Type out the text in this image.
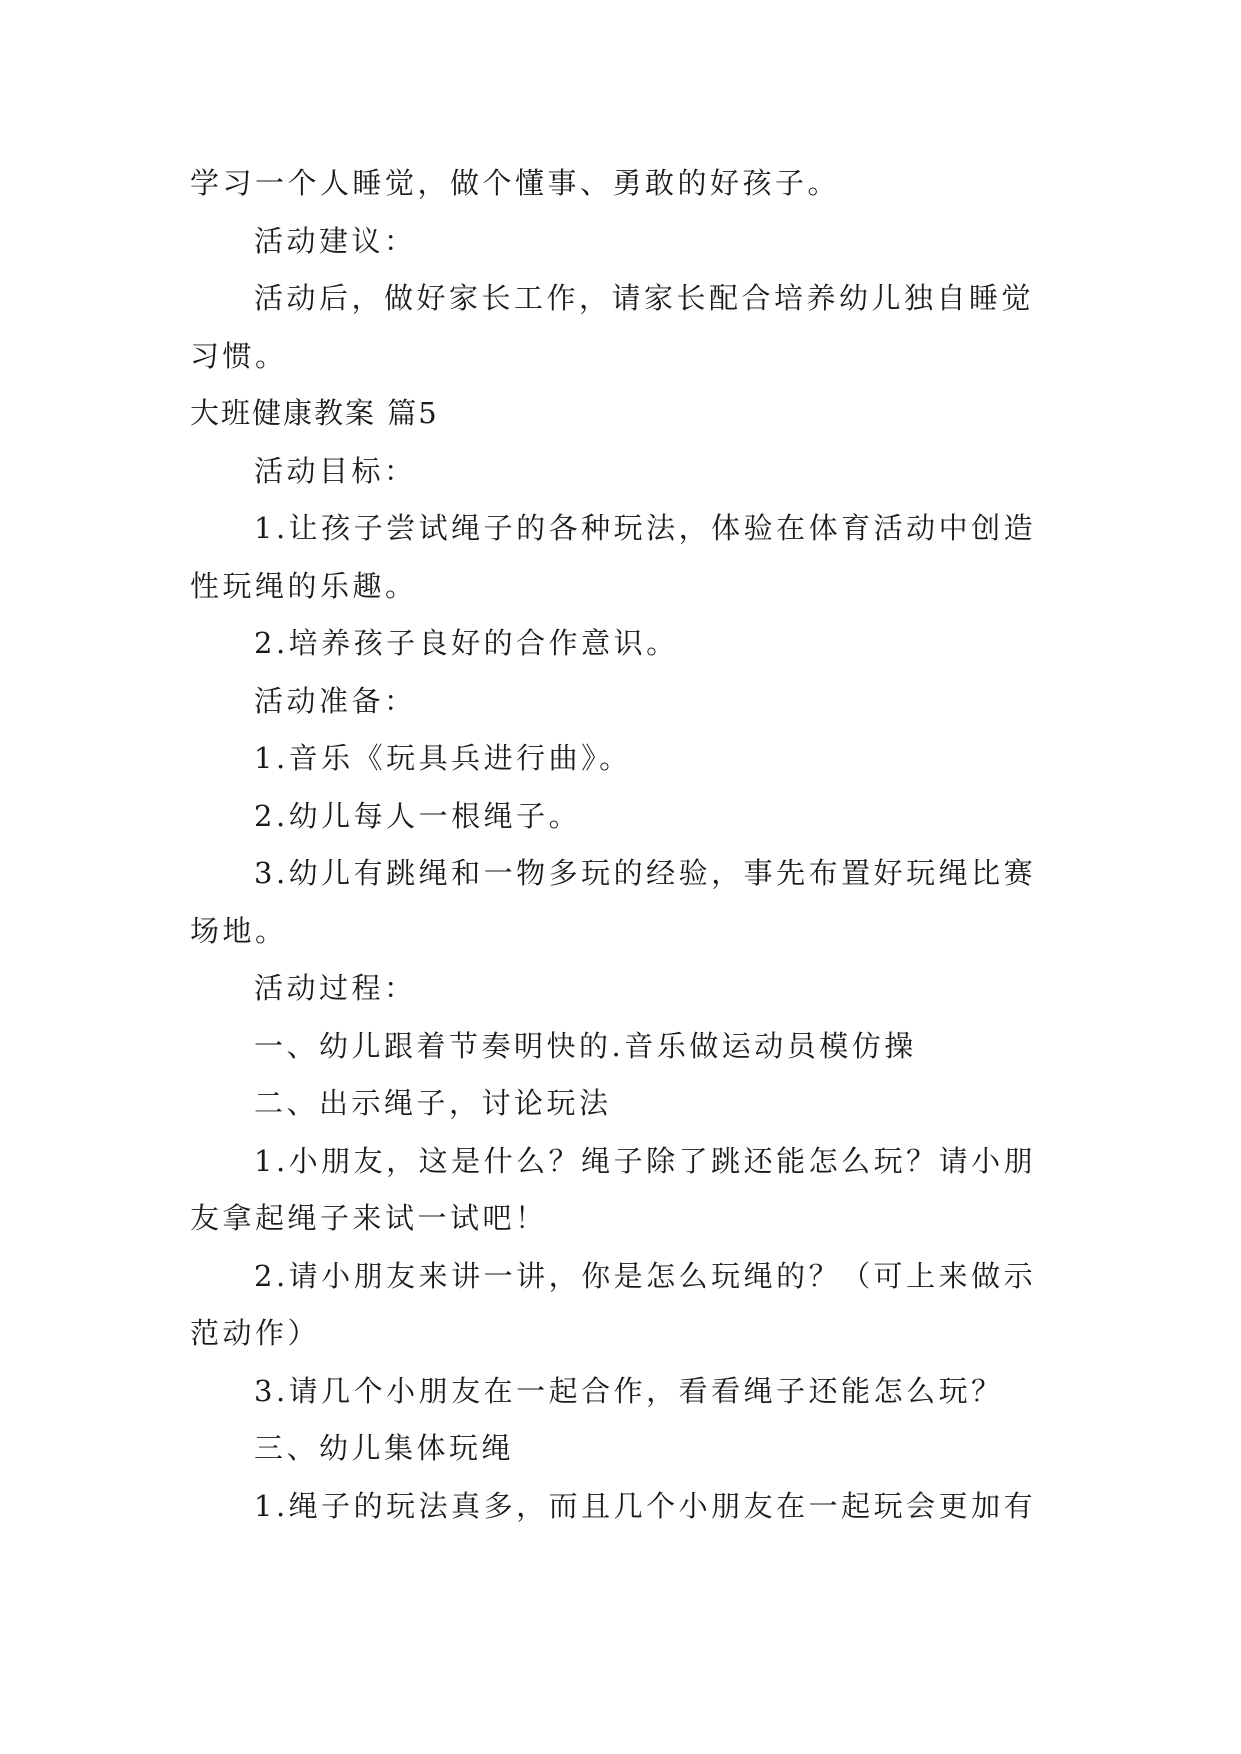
学习一个人睡觉，做个懂事、勇敢的好孩子。

活动建议：

活动后，做好家长工作，请家长配合培养幼儿独自睡觉习惯。

大班健康教案 篇5

活动目标：

1.让孩子尝试绳子的各种玩法，体验在体育活动中创造性玩绳的乐趣。

2.培养孩子良好的合作意识。

活动准备：

1.音乐《玩具兵进行曲》。

2.幼儿每人一根绳子。

3.幼儿有跳绳和一物多玩的经验，事先布置好玩绳比赛场地。

活动过程：

一、幼儿跟着节奏明快的.音乐做运动员模仿操

二、出示绳子，讨论玩法

1.小朋友，这是什么？绳子除了跳还能怎么玩？请小朋友拿起绳子来试一试吧！

2.请小朋友来讲一讲，你是怎么玩绳的？（可上来做示范动作）

3.请几个小朋友在一起合作，看看绳子还能怎么玩？

三、幼儿集体玩绳

1.绳子的玩法真多，而且几个小朋友在一起玩会更加有
